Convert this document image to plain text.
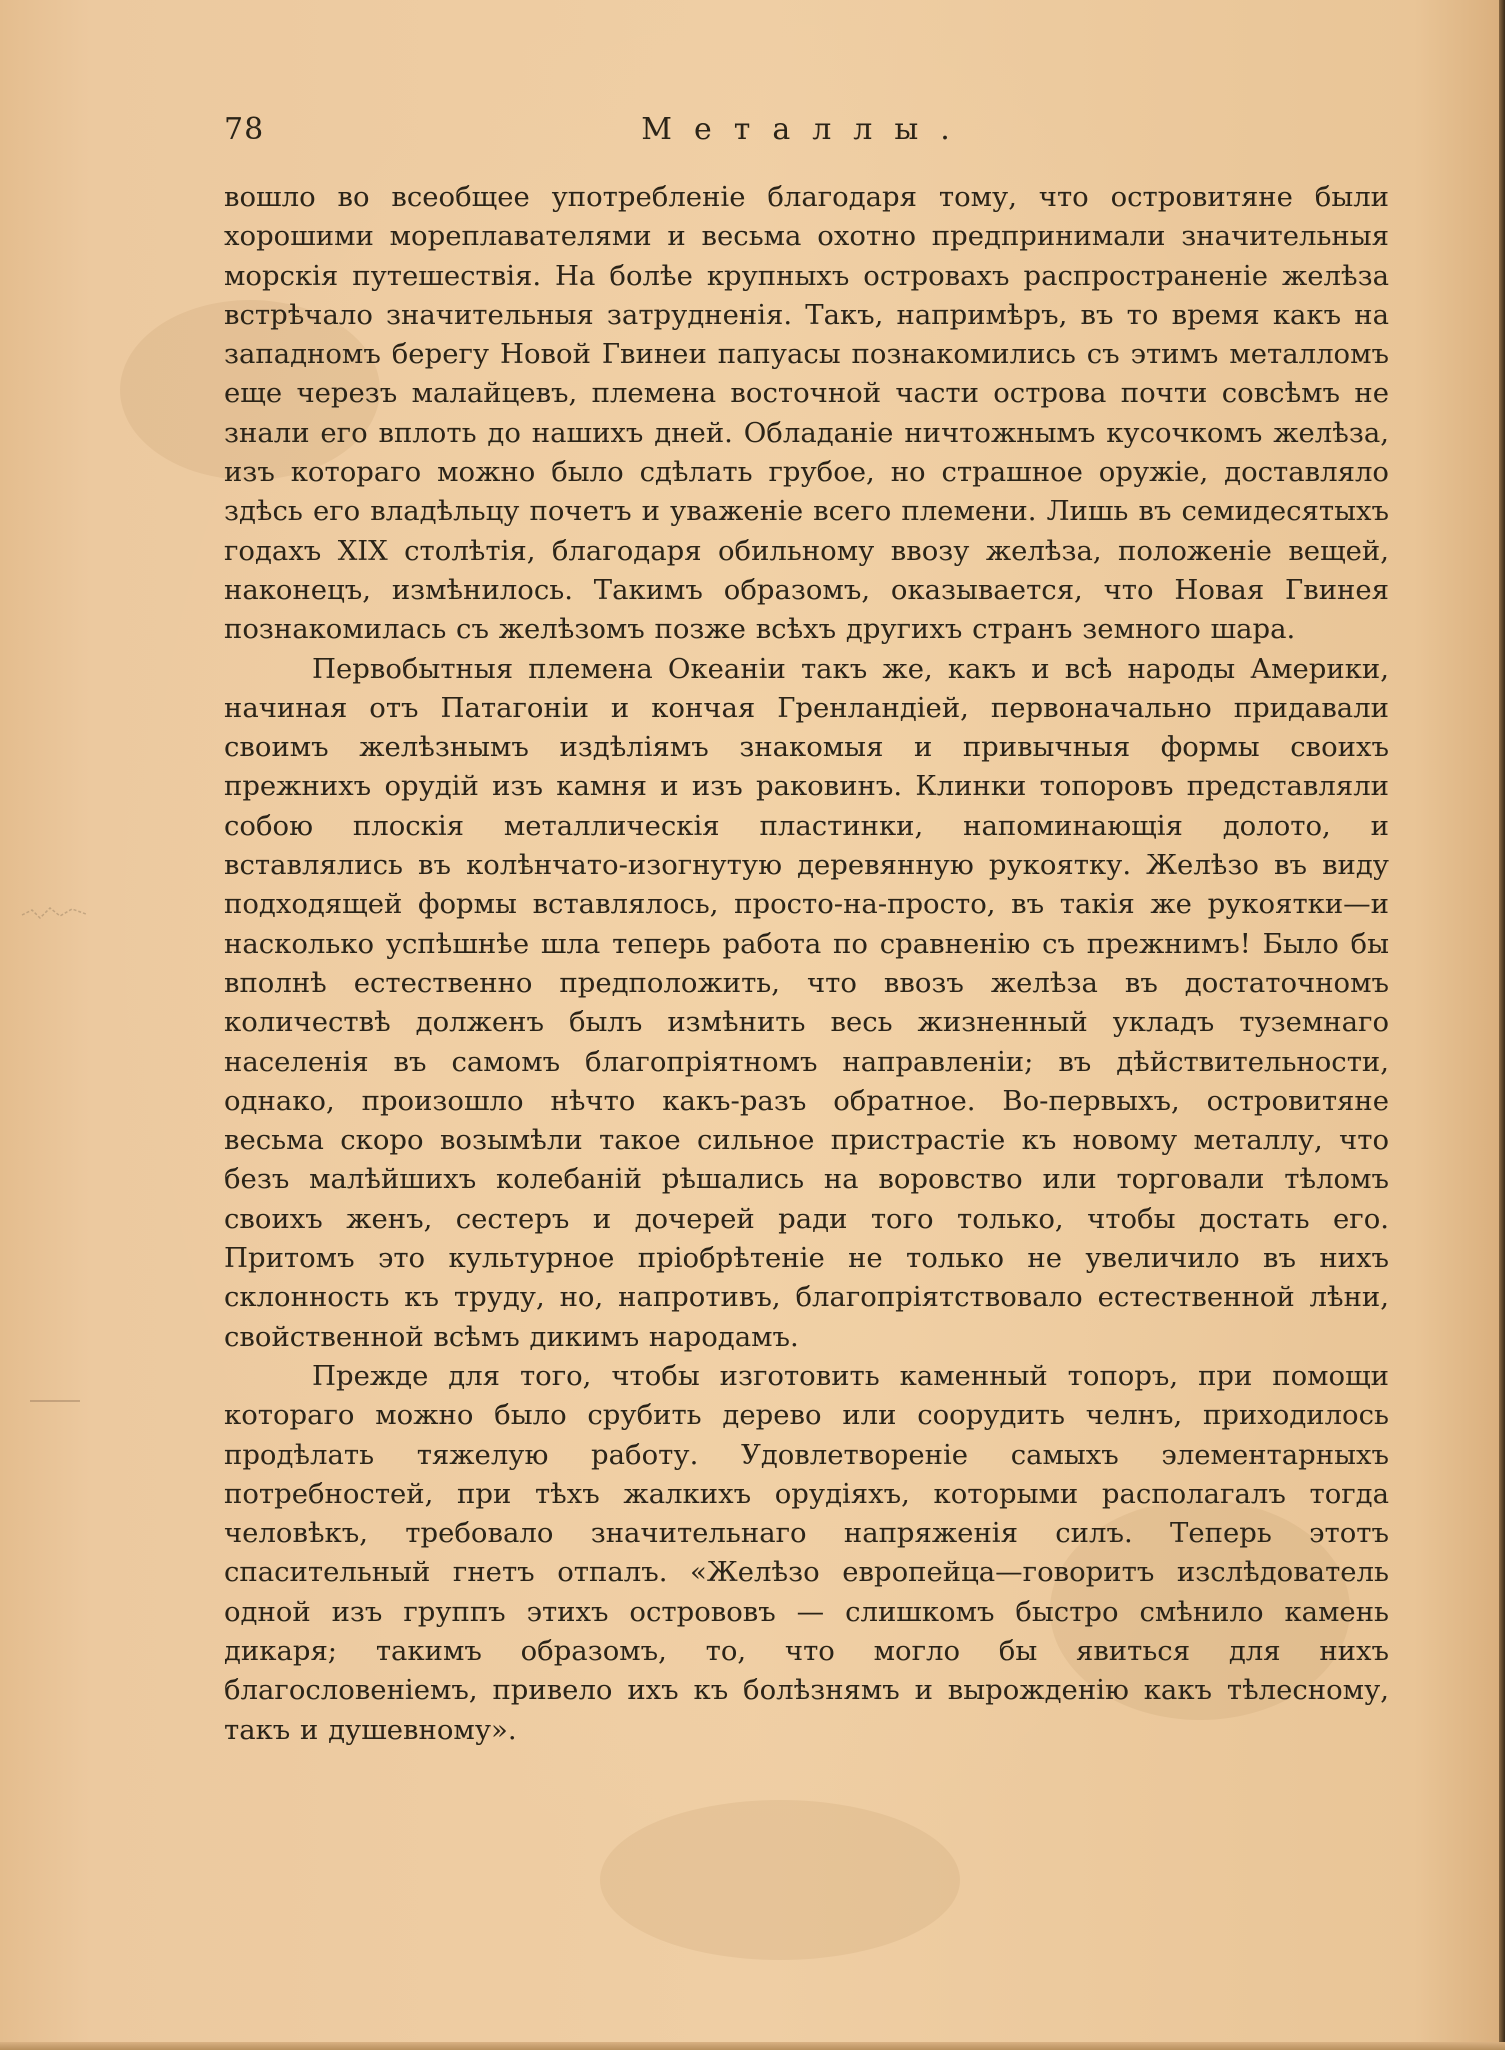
78	Металлы.

вошло во всеобщее употребленіе благодаря тому, что островитяне были хорошими мореплавателями и весьма охотно предпринимали значительныя морскія путешествія. На болѣе крупныхъ островахъ распространеніе желѣза встрѣчало значительныя затрудненія. Такъ, напримѣръ, въ то время какъ на западномъ берегу Новой Гвинеи папуасы познакомились съ этимъ металломъ еще черезъ малайцевъ, племена восточной части острова почти совсѣмъ не знали его вплоть до нашихъ дней. Обладаніе ничтожнымъ кусочкомъ желѣза, изъ котораго можно было сдѣлать грубое, но страшное оружіе, доставляло здѣсь его владѣльцу почетъ и уваженіе всего племени. Лишь въ семидесятыхъ годахъ XIX столѣтія, благодаря обильному ввозу желѣза, положеніе вещей, наконецъ, измѣнилось. Такимъ образомъ, оказывается, что Новая Гвинея познакомилась съ желѣзомъ позже всѣхъ другихъ странъ земного шара.

Первобытныя племена Океаніи такъ же, какъ и всѣ народы Америки, начиная отъ Патагоніи и кончая Гренландіей, первоначально придавали своимъ желѣзнымъ издѣліямъ знакомыя и привычныя формы своихъ прежнихъ орудій изъ камня и изъ раковинъ. Клинки топоровъ представляли собою плоскія металлическія пластинки, напоминающія долото, и вставлялись въ колѣнчато-изогнутую деревянную рукоятку. Желѣзо въ виду подходящей формы вставлялось, просто-на-просто, въ такія же рукоятки—и насколько успѣшнѣе шла теперь работа по сравненію съ прежнимъ! Было бы вполнѣ естественно предположить, что ввозъ желѣза въ достаточномъ количествѣ долженъ былъ измѣнить весь жизненный укладъ туземнаго населенія въ самомъ благопріятномъ направленіи; въ дѣйствительности, однако, произошло нѣчто какъ-разъ обратное. Во-первыхъ, островитяне весьма скоро возымѣли такое сильное пристрастіе къ новому металлу, что безъ малѣйшихъ колебаній рѣшались на воровство или торговали тѣломъ своихъ женъ, сестеръ и дочерей ради того только, чтобы достать его. Притомъ это культурное пріобрѣтеніе не только не увеличило въ нихъ склонность къ труду, но, напротивъ, благопріятствовало естественной лѣни, свойственной всѣмъ дикимъ народамъ.

Прежде для того, чтобы изготовить каменный топоръ, при помощи котораго можно было срубить дерево или соорудить челнъ, приходилось продѣлать тяжелую работу. Удовлетвореніе самыхъ элементарныхъ потребностей, при тѣхъ жалкихъ орудіяхъ, которыми располагалъ тогда человѣкъ, требовало значительнаго напряженія силъ. Теперь этотъ спасительный гнетъ отпалъ. «Желѣзо европейца—говоритъ изслѣдователь одной изъ группъ этихъ острововъ — слишкомъ быстро смѣнило камень дикаря; такимъ образомъ, то, что могло бы явиться для нихъ благословеніемъ, привело ихъ къ болѣзнямъ и вырожденію какъ тѣлесному, такъ и душевному».
